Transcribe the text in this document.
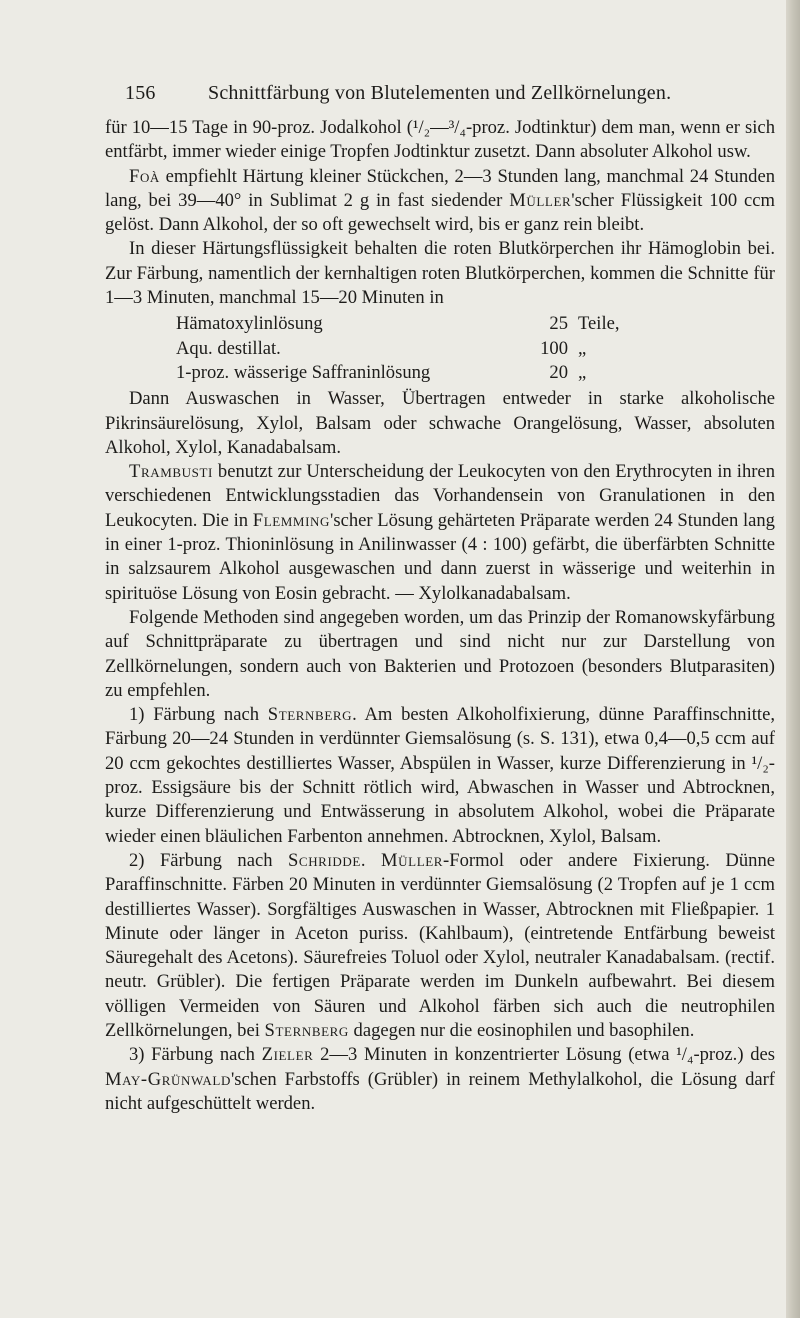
156	Schnittfärbung von Blutelementen und Zellkörnelungen.

für 10—15 Tage in 90-proz. Jodalkohol (¹/₂—³/₄-proz. Jodtinktur) dem man, wenn er sich entfärbt, immer wieder einige Tropfen Jodtinktur zusetzt. Dann absoluter Alkohol usw.

Foà empfiehlt Härtung kleiner Stückchen, 2—3 Stunden lang, manchmal 24 Stunden lang, bei 39—40° in Sublimat 2 g in fast siedender Müller'scher Flüssigkeit 100 ccm gelöst. Dann Alkohol, der so oft gewechselt wird, bis er ganz rein bleibt.

In dieser Härtungsflüssigkeit behalten die roten Blutkörperchen ihr Hämoglobin bei. Zur Färbung, namentlich der kernhaltigen roten Blutkörperchen, kommen die Schnitte für 1—3 Minuten, manchmal 15—20 Minuten in

Hämatoxylinlösung	25 Teile,
Aqu. destillat.	100 „
1-proz. wässerige Saffraninlösung	20 „

Dann Auswaschen in Wasser, Übertragen entweder in starke alkoholische Pikrinsäurelösung, Xylol, Balsam oder schwache Orangelösung, Wasser, absoluten Alkohol, Xylol, Kanadabalsam.

Trambusti benutzt zur Unterscheidung der Leukocyten von den Erythrocyten in ihren verschiedenen Entwicklungsstadien das Vorhandensein von Granulationen in den Leukocyten. Die in Flemming'scher Lösung gehärteten Präparate werden 24 Stunden lang in einer 1-proz. Thioninlösung in Anilinwasser (4 : 100) gefärbt, die überfärbten Schnitte in salzsaurem Alkohol ausgewaschen und dann zuerst in wässerige und weiterhin in spirituöse Lösung von Eosin gebracht. — Xylolkanadabalsam.

Folgende Methoden sind angegeben worden, um das Prinzip der Romanowskyfärbung auf Schnittpräparate zu übertragen und sind nicht nur zur Darstellung von Zellkörnelungen, sondern auch von Bakterien und Protozoen (besonders Blutparasiten) zu empfehlen.

1) Färbung nach Sternberg. Am besten Alkoholfixierung, dünne Paraffinschnitte, Färbung 20—24 Stunden in verdünnter Giemsalösung (s. S. 131), etwa 0,4—0,5 ccm auf 20 ccm gekochtes destilliertes Wasser, Abspülen in Wasser, kurze Differenzierung in ¹/₂-proz. Essigsäure bis der Schnitt rötlich wird, Abwaschen in Wasser und Abtrocknen, kurze Differenzierung und Entwässerung in absolutem Alkohol, wobei die Präparate wieder einen bläulichen Farbenton annehmen. Abtrocknen, Xylol, Balsam.

2) Färbung nach Schridde. Müller-Formol oder andere Fixierung. Dünne Paraffinschnitte. Färben 20 Minuten in verdünnter Giemsalösung (2 Tropfen auf je 1 ccm destilliertes Wasser). Sorgfältiges Auswaschen in Wasser, Abtrocknen mit Fließpapier. 1 Minute oder länger in Aceton puriss. (Kahlbaum), (eintretende Entfärbung beweist Säuregehalt des Acetons). Säurefreies Toluol oder Xylol, neutraler Kanadabalsam. (rectif. neutr. Grübler). Die fertigen Präparate werden im Dunkeln aufbewahrt. Bei diesem völligen Vermeiden von Säuren und Alkohol färben sich auch die neutrophilen Zellkörnelungen, bei Sternberg dagegen nur die eosinophilen und basophilen.

3) Färbung nach Zieler 2—3 Minuten in konzentrierter Lösung (etwa ¹/₄-proz.) des May-Grünwald'schen Farbstoffs (Grübler) in reinem Methylalkohol, die Lösung darf nicht aufgeschüttelt werden.
